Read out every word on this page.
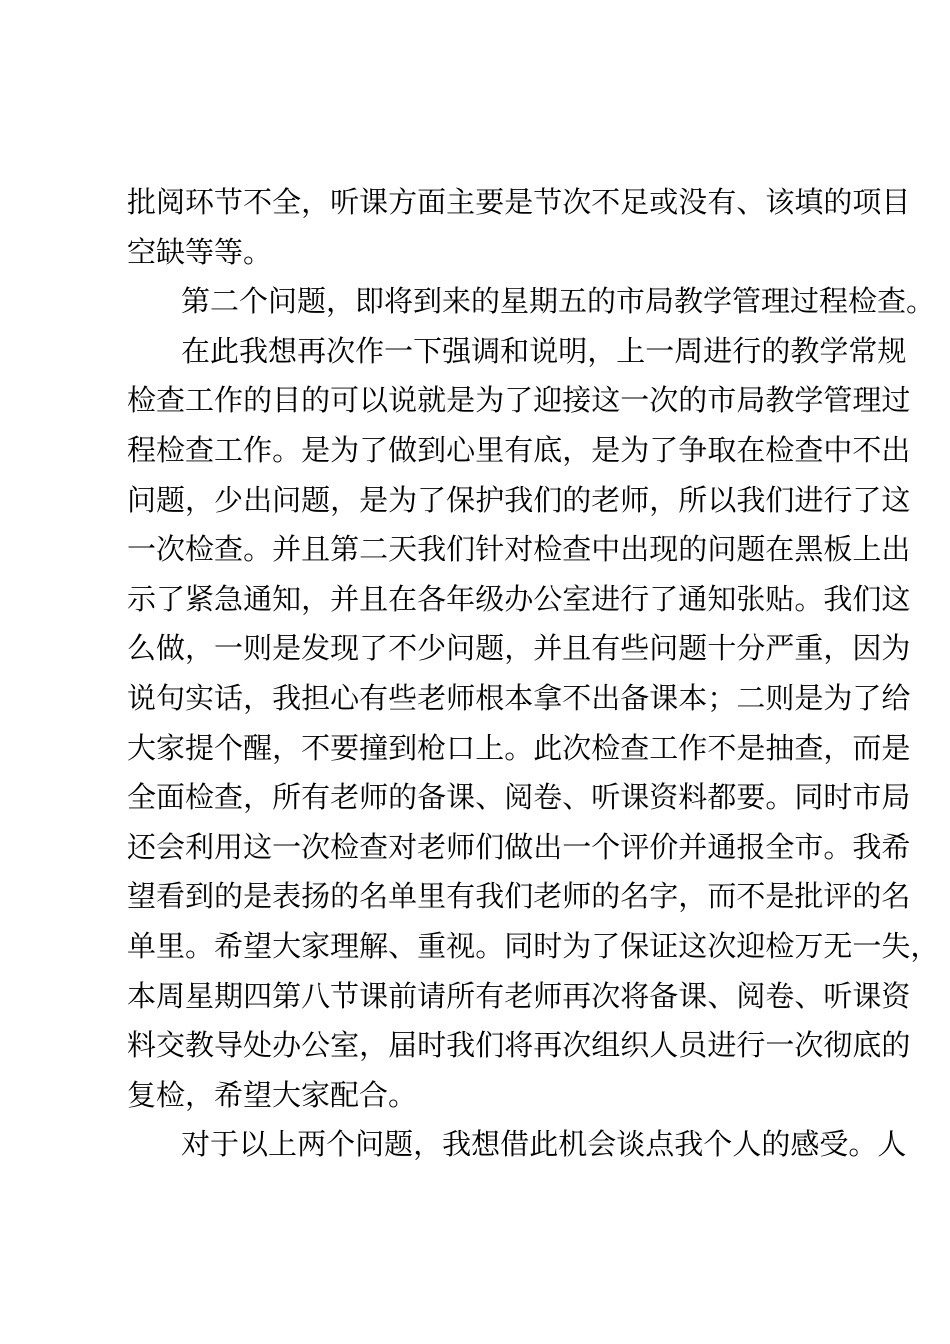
批 阅 环 节 不 全 ， 听 课 方 面 主 要 是 节 次 不 足 或 没 有 、 该 填 的 项 目
空缺等等。
第二个问题，即将到来的星期五的市局教学管理过程检查。
在 此 我 想 再 次 作 一 下 强 调 和 说 明 ， 上 一 周 进 行 的 教 学 常 规
检 查 工 作 的 目 的 可 以 说 就 是 为 了 迎 接 这 一 次 的 市 局 教 学 管 理 过
程 检 查 工 作 。 是 为 了 做 到 心 里 有 底 ， 是 为 了 争 取 在 检 查 中 不 出
问 题 ， 少 出 问 题 ， 是 为 了 保 护 我 们 的 老 师 ， 所 以 我 们 进 行 了 这
一 次 检 查 。 并 且 第 二 天 我 们 针 对 检 查 中 出 现 的 问 题 在 黑 板 上 出
示 了 紧 急 通 知 ， 并 且 在 各 年 级 办 公 室 进 行 了 通 知 张 贴 。 我 们 这
么 做 ， 一 则 是 发 现 了 不 少 问 题 ， 并 且 有 些 问 题 十 分 严 重 ， 因 为
说 句 实 话 ， 我 担 心 有 些 老 师 根 本 拿 不 出 备 课 本 ； 二 则 是 为 了 给
大 家 提 个 醒 ， 不 要 撞 到 枪 口 上 。 此 次 检 查 工 作 不 是 抽 查 ， 而 是
全 面 检 查 ， 所 有 老 师 的 备 课 、 阅 卷 、 听 课 资 料 都 要 。 同 时 市 局
还 会 利 用 这 一 次 检 查 对 老 师 们 做 出 一 个 评 价 并 通 报 全 市 。 我 希
望 看 到 的 是 表 扬 的 名 单 里 有 我 们 老 师 的 名 字 ， 而 不 是 批 评 的 名
单 里 。 希 望 大 家 理 解 、 重 视 。 同 时 为 了 保 证 这 次 迎 检 万 无 一 失 ，
本 周 星 期 四 第 八 节 课 前 请 所 有 老 师 再 次 将 备 课 、 阅 卷 、 听 课 资
料 交 教 导 处 办 公 室 ， 届 时 我 们 将 再 次 组 织 人 员 进 行 一 次 彻 底 的
复检，希望大家配合。
对 于 以 上 两 个 问 题 ， 我 想 借 此 机 会 谈 点 我 个 人 的 感 受 。 人
